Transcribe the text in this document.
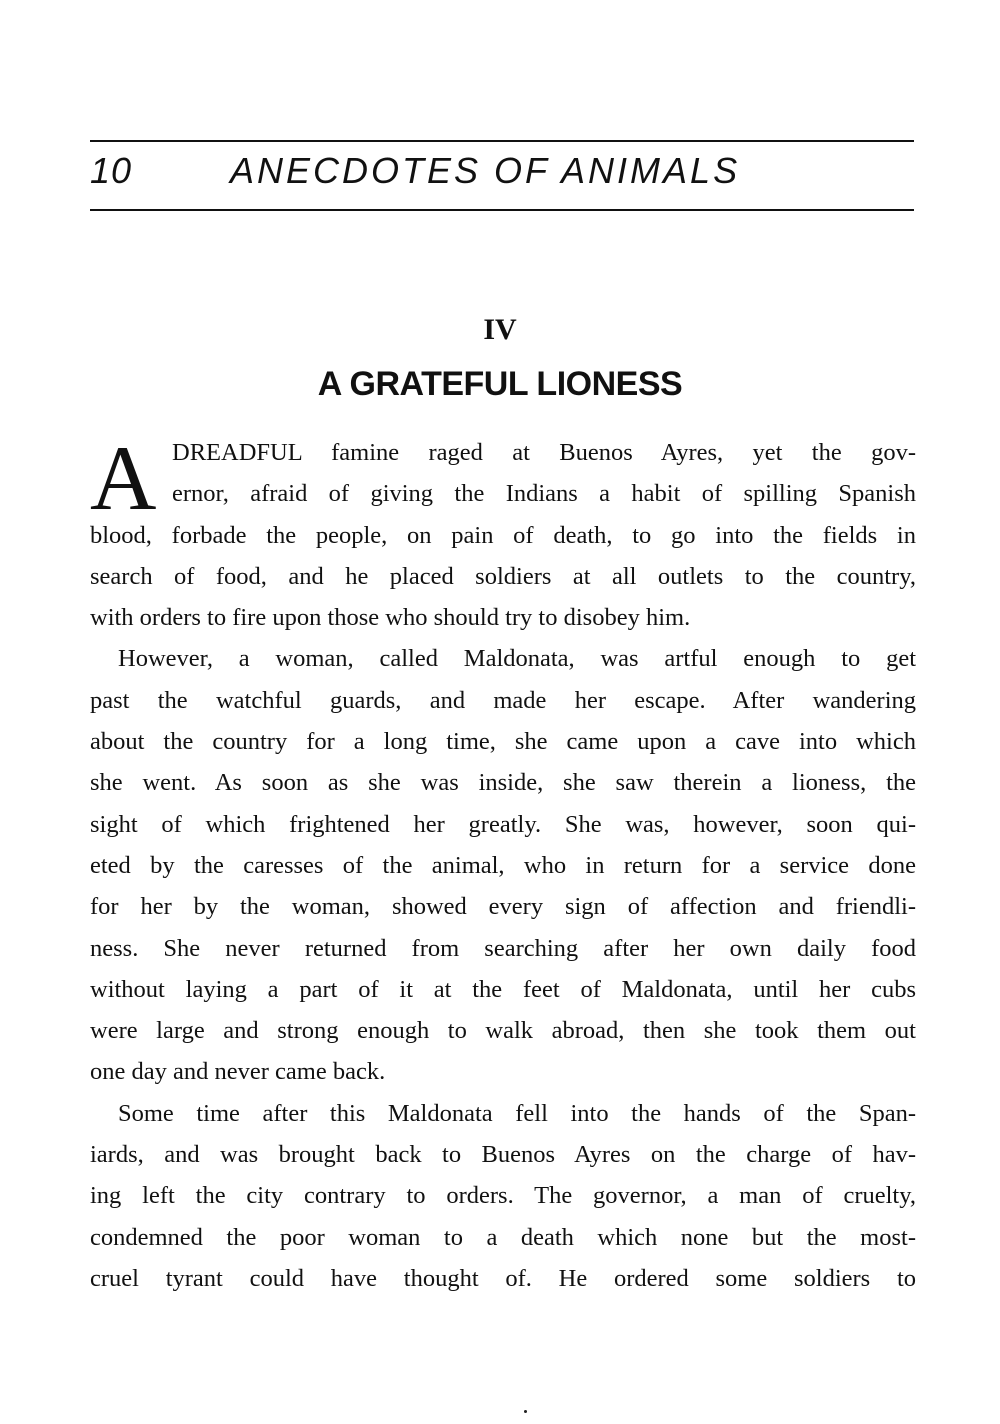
10	ANECDOTES OF ANIMALS
IV
A GRATEFUL LIONESS
A DREADFUL famine raged at Buenos Ayres, yet the gov-
ernor, afraid of giving the Indians a habit of spilling Spanish
blood, forbade the people, on pain of death, to go into the fields in
search of food, and he placed soldiers at all outlets to the country,
with orders to fire upon those who should try to disobey him.
However, a woman, called Maldonata, was artful enough to get
past the watchful guards, and made her escape. After wandering
about the country for a long time, she came upon a cave into which
she went. As soon as she was inside, she saw therein a lioness, the
sight of which frightened her greatly. She was, however, soon qui-
eted by the caresses of the animal, who in return for a service done
for her by the woman, showed every sign of affection and friendli-
ness. She never returned from searching after her own daily food
without laying a part of it at the feet of Maldonata, until her cubs
were large and strong enough to walk abroad, then she took them out
one day and never came back.
Some time after this Maldonata fell into the hands of the Span-
iards, and was brought back to Buenos Ayres on the charge of hav-
ing left the city contrary to orders. The governor, a man of cruelty,
condemned the poor woman to a death which none but the most-
cruel tyrant could have thought of. He ordered some soldiers to
